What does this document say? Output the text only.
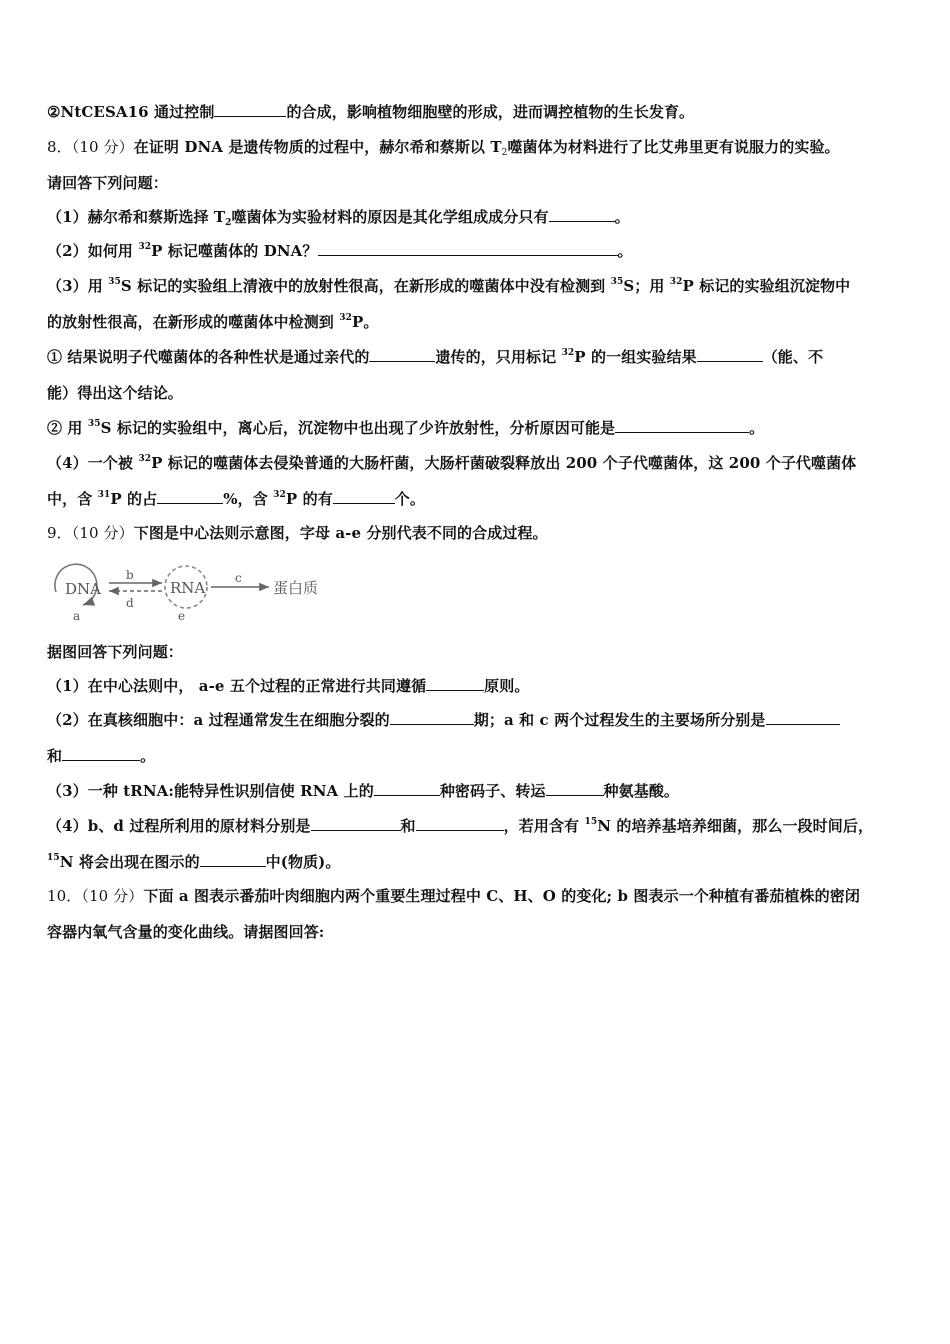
②NtCESA16 通过控制	的合成，影响植物细胞壁的形成，进而调控植物的生长发育。
8．（10 分）在证明 DNA 是遗传物质的过程中，赫尔希和蔡斯以 $T_2$噬菌体为材料进行了比艾弗里更有说服力的实验。
请回答下列问题：
（1）赫尔希和蔡斯选择 $T_2$噬菌体为实验材料的原因是其化学组成成分只有	。
（2）如何用 $^{32}$P 标记噬菌体的 DNA？	。
（3）用 $^{35}$S 标记的实验组上清液中的放射性很高，在新形成的噬菌体中没有检测到 $^{35}$S；用 $^{32}$P 标记的实验组沉淀物中
的放射性很高，在新形成的噬菌体中检测到 $^{32}$P。
① 结果说明子代噬菌体的各种性状是通过亲代的	遗传的，只用标记 $^{32}$P 的一组实验结果	（能、不
能）得出这个结论。
② 用 $^{35}$S 标记的实验组中，离心后，沉淀物中也出现了少许放射性，分析原因可能是	。
（4）一个被 $^{32}$P 标记的噬菌体去侵染普通的大肠杆菌，大肠杆菌破裂释放出 200 个子代噬菌体，这 200 个子代噬菌体
中，含 $^{31}$P 的占	%，含 $^{32}$P 的有	个。
9．（10 分）下图是中心法则示意图，字母 a-e 分别代表不同的合成过程。
DNA
a
b
d
RNA
e
c
蛋白质
据图回答下列问题：
（1）在中心法则中， a-e 五个过程的正常进行共同遵循	原则。
（2）在真核细胞中：a 过程通常发生在细胞分裂的	期；a 和 c 两个过程发生的主要场所分别是
和	。
（3）一种 tRNA:能特异性识别信使 RNA 上的	种密码子、转运	种氨基酸。
（4）b、d 过程所利用的原材料分别是	和	，若用含有 $^{15}$N 的培养基培养细菌，那么一段时间后，
$^{15}$N 将会出现在图示的	中(物质)。
10．（10 分）下面 a 图表示番茄叶肉细胞内两个重要生理过程中 C、H、O 的变化; b 图表示一个种植有番茄植株的密闭
容器内氧气含量的变化曲线。请据图回答:
